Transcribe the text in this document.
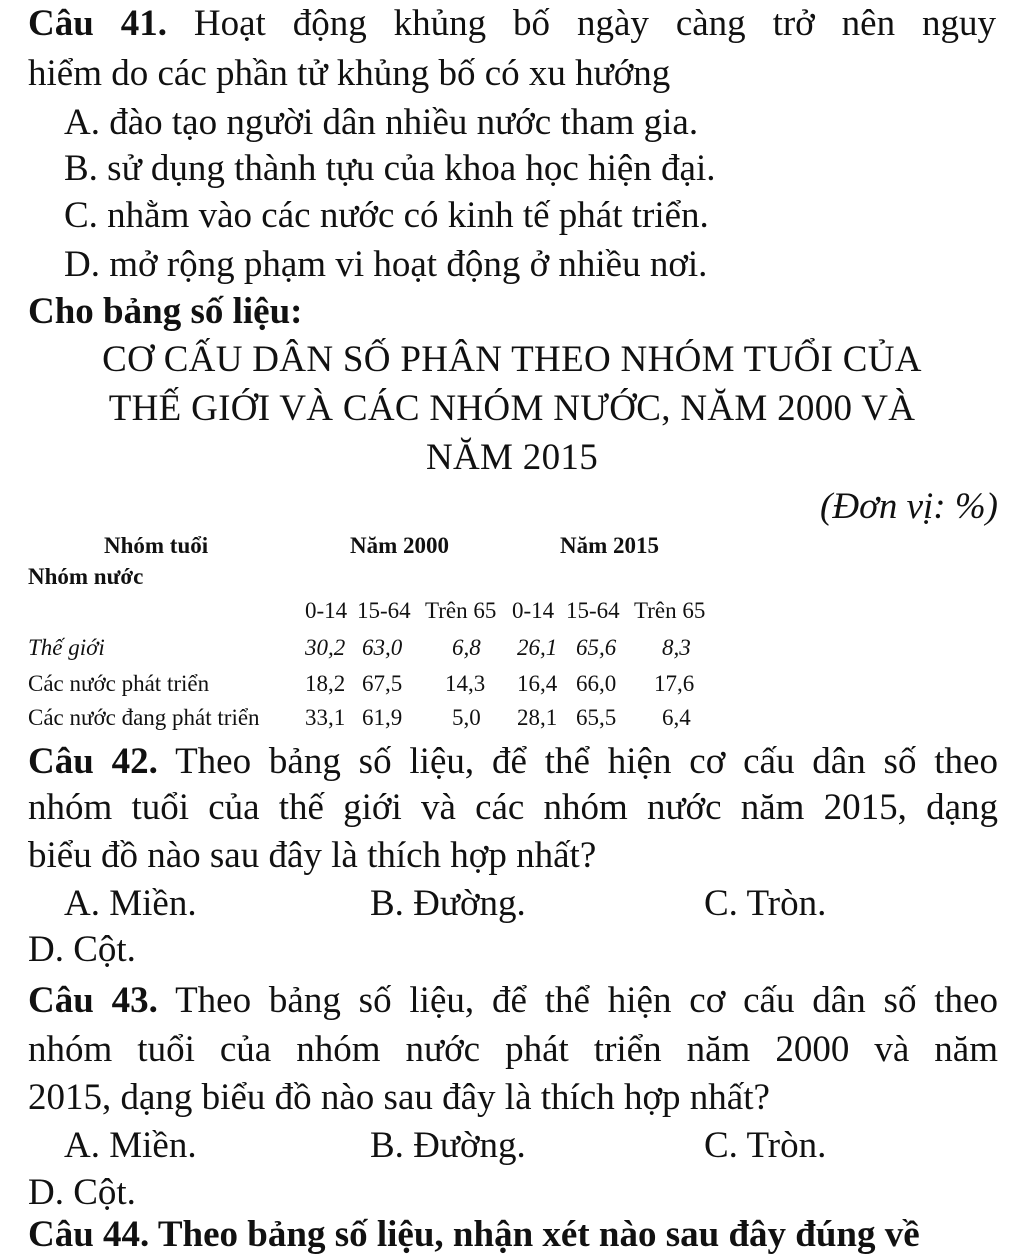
Câu 41. Hoạt động khủng bố ngày càng trở nên nguy
hiểm do các phần tử khủng bố có xu hướng
A. đào tạo người dân nhiều nước tham gia.
B. sử dụng thành tựu của khoa học hiện đại.
C. nhằm vào các nước có kinh tế phát triển.
D. mở rộng phạm vi hoạt động ở nhiều nơi.
Cho bảng số liệu:
CƠ CẤU DÂN SỐ PHÂN THEO NHÓM TUỔI CỦA
THẾ GIỚI VÀ CÁC NHÓM NƯỚC, NĂM 2000 VÀ
NĂM 2015
(Đơn vị: %)
Nhóm tuổi
Nhóm nước
Năm 2000	Năm 2015
0-14 15-64 Trên 65 0-14 15-64 Trên 65
Thế giới	30,2 63,0 6,8 26,1 65,6 8,3
Các nước phát triển	18,2 67,5 14,3 16,4 66,0 17,6
Các nước đang phát triển 33,1 61,9 5,0 28,1 65,5 6,4
Câu 42. Theo bảng số liệu, để thể hiện cơ cấu dân số theo
nhóm tuổi của thế giới và các nhóm nước năm 2015, dạng
biểu đồ nào sau đây là thích hợp nhất?
A. Miền.	B. Đường.	C. Tròn.
D. Cột.
Câu 43. Theo bảng số liệu, để thể hiện cơ cấu dân số theo
nhóm tuổi của nhóm nước phát triển năm 2000 và năm
2015, dạng biểu đồ nào sau đây là thích hợp nhất?
A. Miền.	B. Đường.	C. Tròn.
D. Cột.
Câu 44. Theo bảng số liệu, nhận xét nào sau đây đúng về
